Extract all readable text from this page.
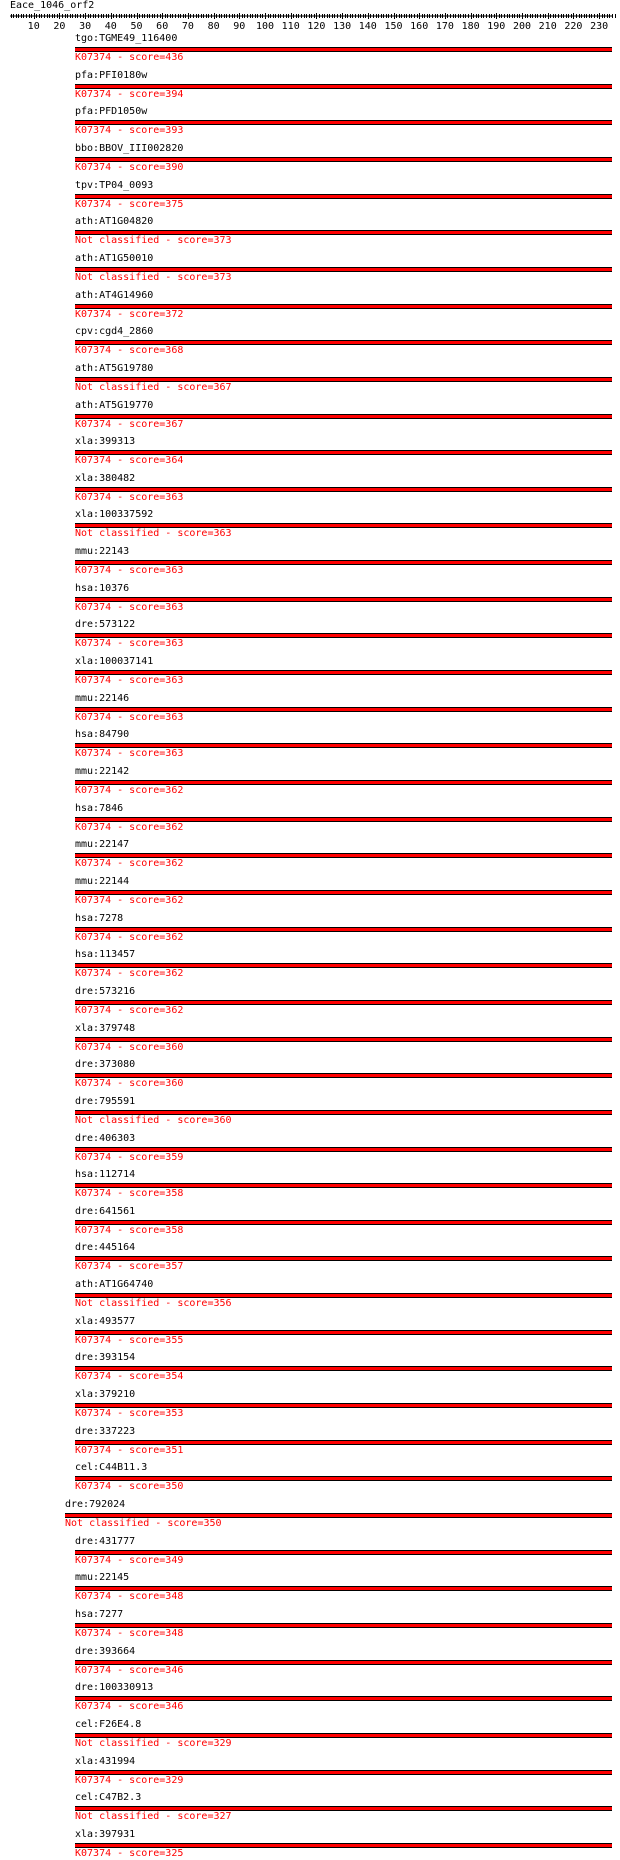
Eace_1046_orf2
10 20 30 40 50 60 70 80 90 100 110 120 130 140 150 160 170 180 190 200 210 220 230
tgo:TGME49_116400
K07374 - score=436
pfa:PFI0180w
K07374 - score=394
pfa:PFD1050w
K07374 - score=393
bbo:BBOV_III002820
K07374 - score=390
tpv:TP04_0093
K07374 - score=375
ath:AT1G04820
Not classified - score=373
ath:AT1G50010
Not classified - score=373
ath:AT4G14960
K07374 - score=372
cpv:cgd4_2860
K07374 - score=368
ath:AT5G19780
Not classified - score=367
ath:AT5G19770
K07374 - score=367
xla:399313
K07374 - score=364
xla:380482
K07374 - score=363
xla:100337592
Not classified - score=363
mmu:22143
K07374 - score=363
hsa:10376
K07374 - score=363
dre:573122
K07374 - score=363
xla:100037141
K07374 - score=363
mmu:22146
K07374 - score=363
hsa:84790
K07374 - score=363
mmu:22142
K07374 - score=362
hsa:7846
K07374 - score=362
mmu:22147
K07374 - score=362
mmu:22144
K07374 - score=362
hsa:7278
K07374 - score=362
hsa:113457
K07374 - score=362
dre:573216
K07374 - score=362
xla:379748
K07374 - score=360
dre:373080
K07374 - score=360
dre:795591
Not classified - score=360
dre:406303
K07374 - score=359
hsa:112714
K07374 - score=358
dre:641561
K07374 - score=358
dre:445164
K07374 - score=357
ath:AT1G64740
Not classified - score=356
xla:493577
K07374 - score=355
dre:393154
K07374 - score=354
xla:379210
K07374 - score=353
dre:337223
K07374 - score=351
cel:C44B11.3
K07374 - score=350
dre:792024
Not classified - score=350
dre:431777
K07374 - score=349
mmu:22145
K07374 - score=348
hsa:7277
K07374 - score=348
dre:393664
K07374 - score=346
dre:100330913
K07374 - score=346
cel:F26E4.8
Not classified - score=329
xla:431994
K07374 - score=329
cel:C47B2.3
Not classified - score=327
xla:397931
K07374 - score=325
